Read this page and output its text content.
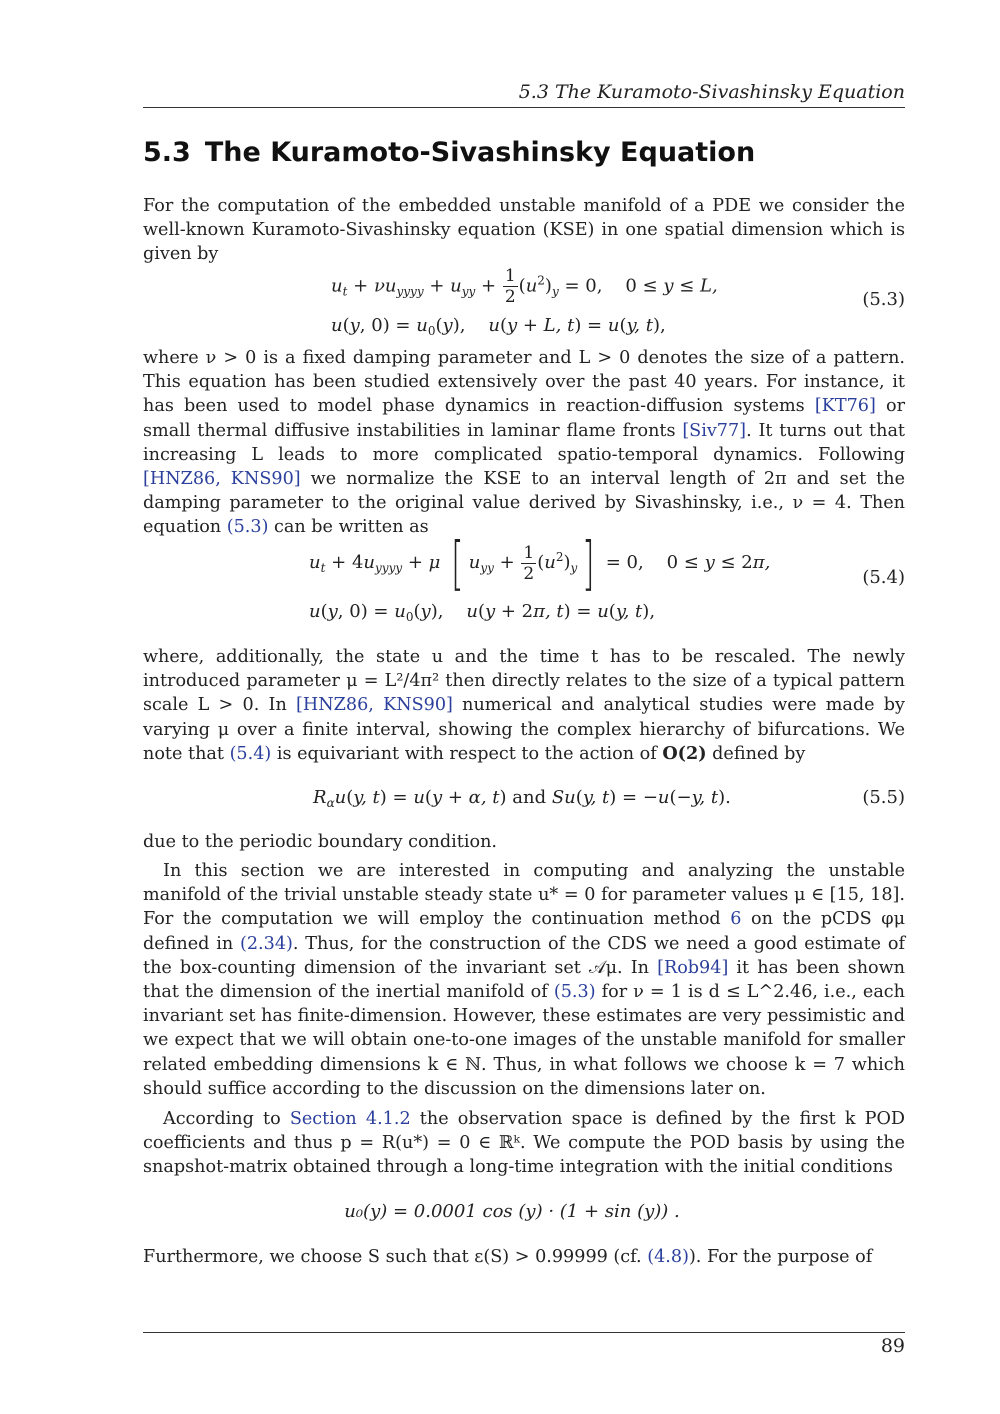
5.3 The Kuramoto-Sivashinsky Equation
5.3 The Kuramoto-Sivashinsky Equation
For the computation of the embedded unstable manifold of a PDE we consider the well-known Kuramoto-Sivashinsky equation (KSE) in one spatial dimension which is given by
$u_t + \nu u_{yyyy} + u_{yy} + \frac{1}{2} (u^2)_y = 0$, 0 ≤ y ≤ L,
u(y, $0) = u_0(y)$,    u(y + L, t) = u(y, t),
(5.3)
where ν > 0 is a fixed damping parameter and L > 0 denotes the size of a pattern. This equation has been studied extensively over the past 40 years. For instance, it has been used to model phase dynamics in reaction-diffusion systems [KT76] or small thermal diffusive instabilities in laminar flame fronts [Siv77]. It turns out that increasing L leads to more complicated spatio-temporal dynamics. Following [HNZ86, KNS90] we normalize the KSE to an interval length of 2π and set the damping parameter to the original value derived by Sivashinsky, i.e., ν = 4. Then equation (5.3) can be written as
$u_t + 4u_{yyyy} + \mu$ [ $u_{yy} + \frac{1}{2} (u^2)_y] = 0$, 0 ≤ y ≤ 2π,
u(y, $0) = u_0(y)$,    u(y + 2π, t) = u(y, t),
(5.4)
where, additionally, the state u and the time t has to be rescaled. The newly introduced parameter μ = L²/4π² then directly relates to the size of a typical pattern scale L > 0. In [HNZ86, KNS90] numerical and analytical studies were made by varying μ over a finite interval, showing the complex hierarchy of bifurcations. We note that (5.4) is equivariant with respect to the action of O(2) defined by
$R_\alpha u(y$, t) = u(y + α, t) and Su(y, t) = −u(−y, t).	(5.5)
due to the periodic boundary condition.
In this section we are interested in computing and analyzing the unstable manifold of the trivial unstable steady state u* = 0 for parameter values μ ∈ [15, 18]. For the computation we will employ the continuation method 6 on the pCDS φμ defined in (2.34). Thus, for the construction of the CDS we need a good estimate of the box-counting dimension of the invariant set 𝒜μ. In [Rob94] it has been shown that the dimension of the inertial manifold of (5.3) for ν = 1 is d ≤ L^2.46, i.e., each invariant set has finite-dimension. However, these estimates are very pessimistic and we expect that we will obtain one-to-one images of the unstable manifold for smaller related embedding dimensions k ∈ ℕ. Thus, in what follows we choose k = 7 which should suffice according to the discussion on the dimensions later on.
According to Section 4.1.2 the observation space is defined by the first k POD coefficients and thus p = R(u*) = 0 ∈ ℝᵏ. We compute the POD basis by using the snapshot-matrix obtained through a long-time integration with the initial conditions
u₀(y) = 0.0001 cos (y) · (1 + sin (y)) .
Furthermore, we choose S such that ε(S) > 0.99999 (cf. (4.8)). For the purpose of
89
